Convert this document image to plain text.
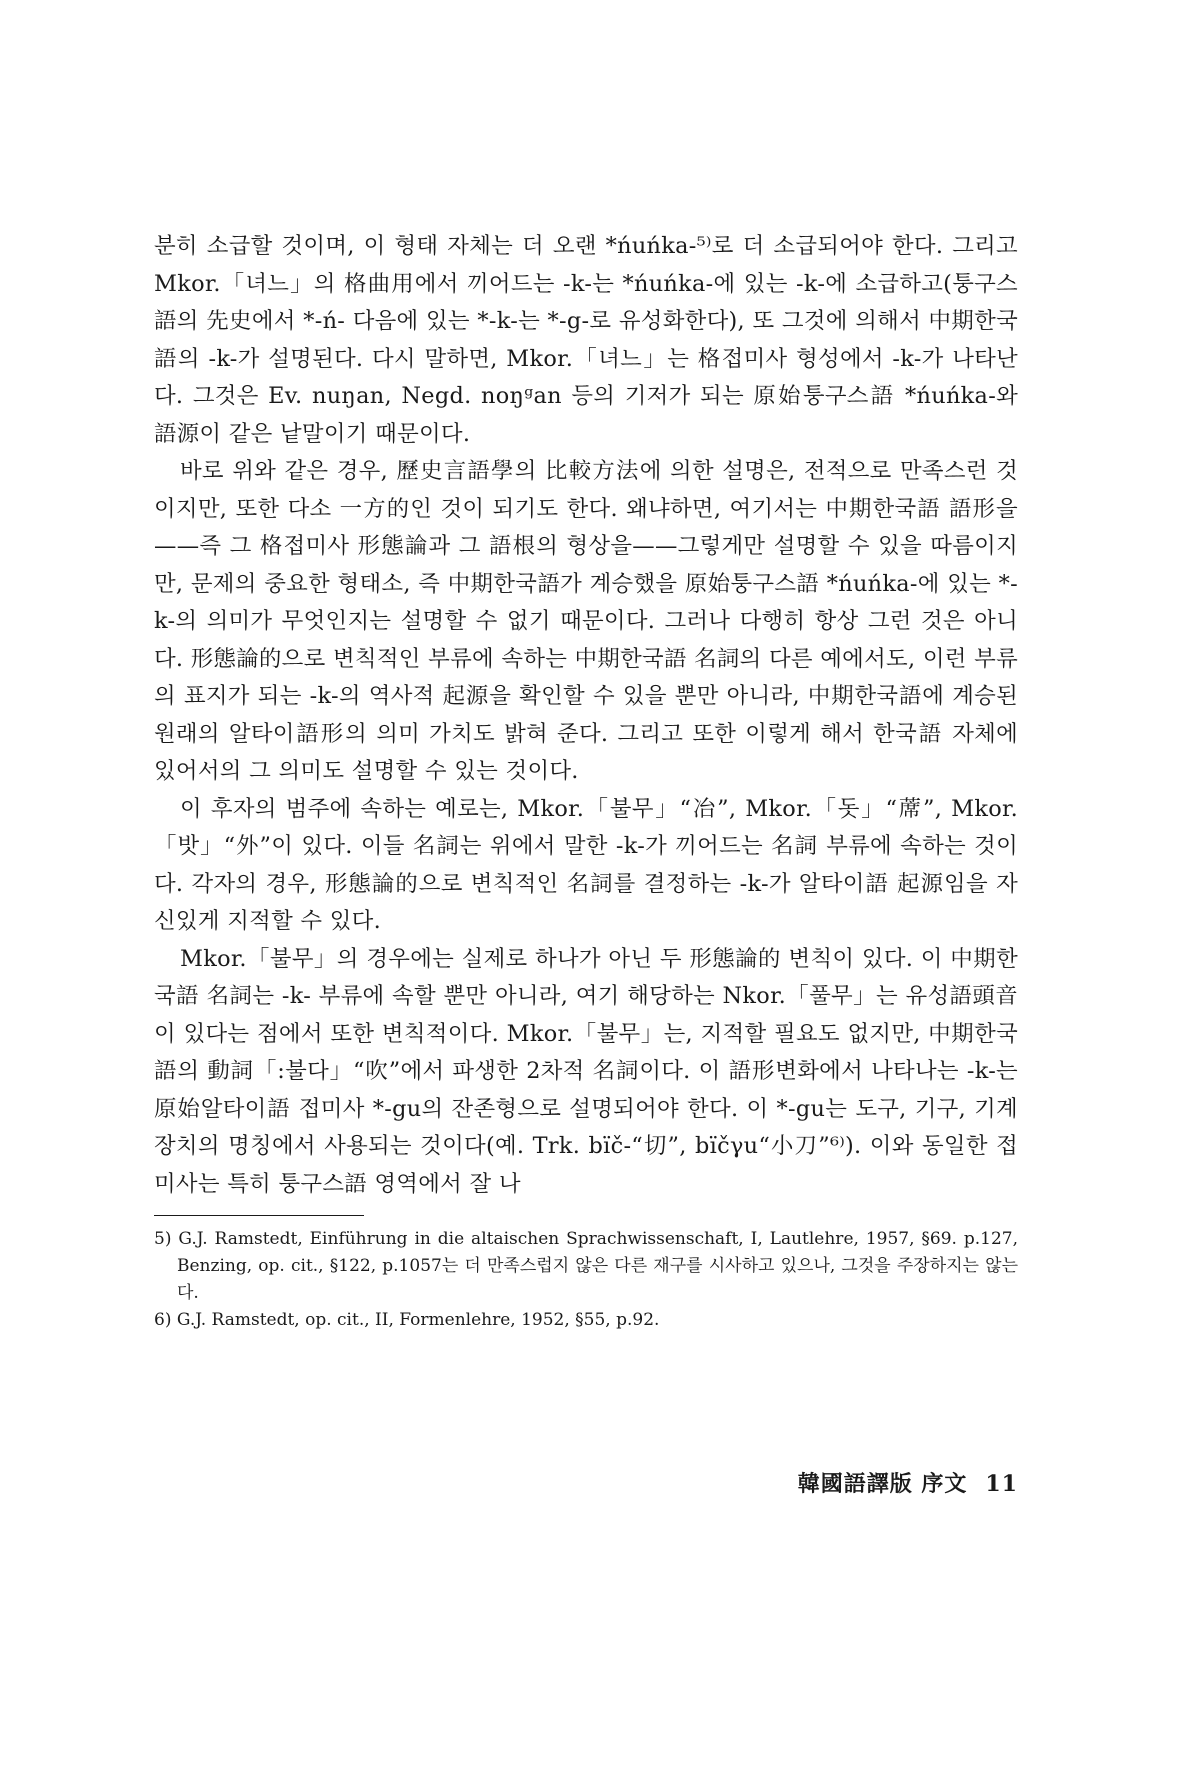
분히 소급할 것이며, 이 형태 자체는 더 오랜 *ńuńka-⁵⁾로 더 소급되어야 한다. 그리고 Mkor.「녀느」의 格曲用에서 끼어드는 -k-는 *ńuńka-에 있는 -k-에 소급하고(퉁구스語의 先史에서 *-ń- 다음에 있는 *-k-는 *-g-로 유성화한다), 또 그것에 의해서 中期한국語의 -k-가 설명된다. 다시 말하면, Mkor.「녀느」는 格접미사 형성에서 -k-가 나타난다. 그것은 Ev. nuŋan, Negd. noŋᵍan 등의 기저가 되는 原始퉁구스語 *ńuńka-와 語源이 같은 낱말이기 때문이다.

바로 위와 같은 경우, 歷史言語學의 比較方法에 의한 설명은, 전적으로 만족스런 것이지만, 또한 다소 一方的인 것이 되기도 한다. 왜냐하면, 여기서는 中期한국語 語形을——즉 그 格접미사 形態論과 그 語根의 형상을——그렇게만 설명할 수 있을 따름이지만, 문제의 중요한 형태소, 즉 中期한국語가 계승했을 原始퉁구스語 *ńuńka-에 있는 *-k-의 의미가 무엇인지는 설명할 수 없기 때문이다. 그러나 다행히 항상 그런 것은 아니다. 形態論的으로 변칙적인 부류에 속하는 中期한국語 名詞의 다른 예에서도, 이런 부류의 표지가 되는 -k-의 역사적 起源을 확인할 수 있을 뿐만 아니라, 中期한국語에 계승된 원래의 알타이語形의 의미 가치도 밝혀 준다. 그리고 또한 이렇게 해서 한국語 자체에 있어서의 그 의미도 설명할 수 있는 것이다.

이 후자의 범주에 속하는 예로는, Mkor.「불무」“冶”, Mkor.「돗」“蓆”, Mkor.「밧」“外”이 있다. 이들 名詞는 위에서 말한 -k-가 끼어드는 名詞 부류에 속하는 것이다. 각자의 경우, 形態論的으로 변칙적인 名詞를 결정하는 -k-가 알타이語 起源임을 자신있게 지적할 수 있다.

Mkor.「불무」의 경우에는 실제로 하나가 아닌 두 形態論的 변칙이 있다. 이 中期한국語 名詞는 -k- 부류에 속할 뿐만 아니라, 여기 해당하는 Nkor.「풀무」는 유성語頭音이 있다는 점에서 또한 변칙적이다. Mkor.「불무」는, 지적할 필요도 없지만, 中期한국語의 動詞「:불다」“吹”에서 파생한 2차적 名詞이다. 이 語形변화에서 나타나는 -k-는 原始알타이語 접미사 *-gu의 잔존형으로 설명되어야 한다. 이 *-gu는 도구, 기구, 기계장치의 명칭에서 사용되는 것이다(예. Trk. bïč-“切”, bïčγu“小刀”⁶⁾). 이와 동일한 접미사는 특히 퉁구스語 영역에서 잘 나

5) G.J. Ramstedt, Einführung in die altaischen Sprachwissenschaft, I, Lautlehre, 1957, §69. p.127, Benzing, op. cit., §122, p.1057는 더 만족스럽지 않은 다른 재구를 시사하고 있으나, 그것을 주장하지는 않는다.

6) G.J. Ramstedt, op. cit., II, Formenlehre, 1952, §55, p.92.

韓國語譯版 序文 11
